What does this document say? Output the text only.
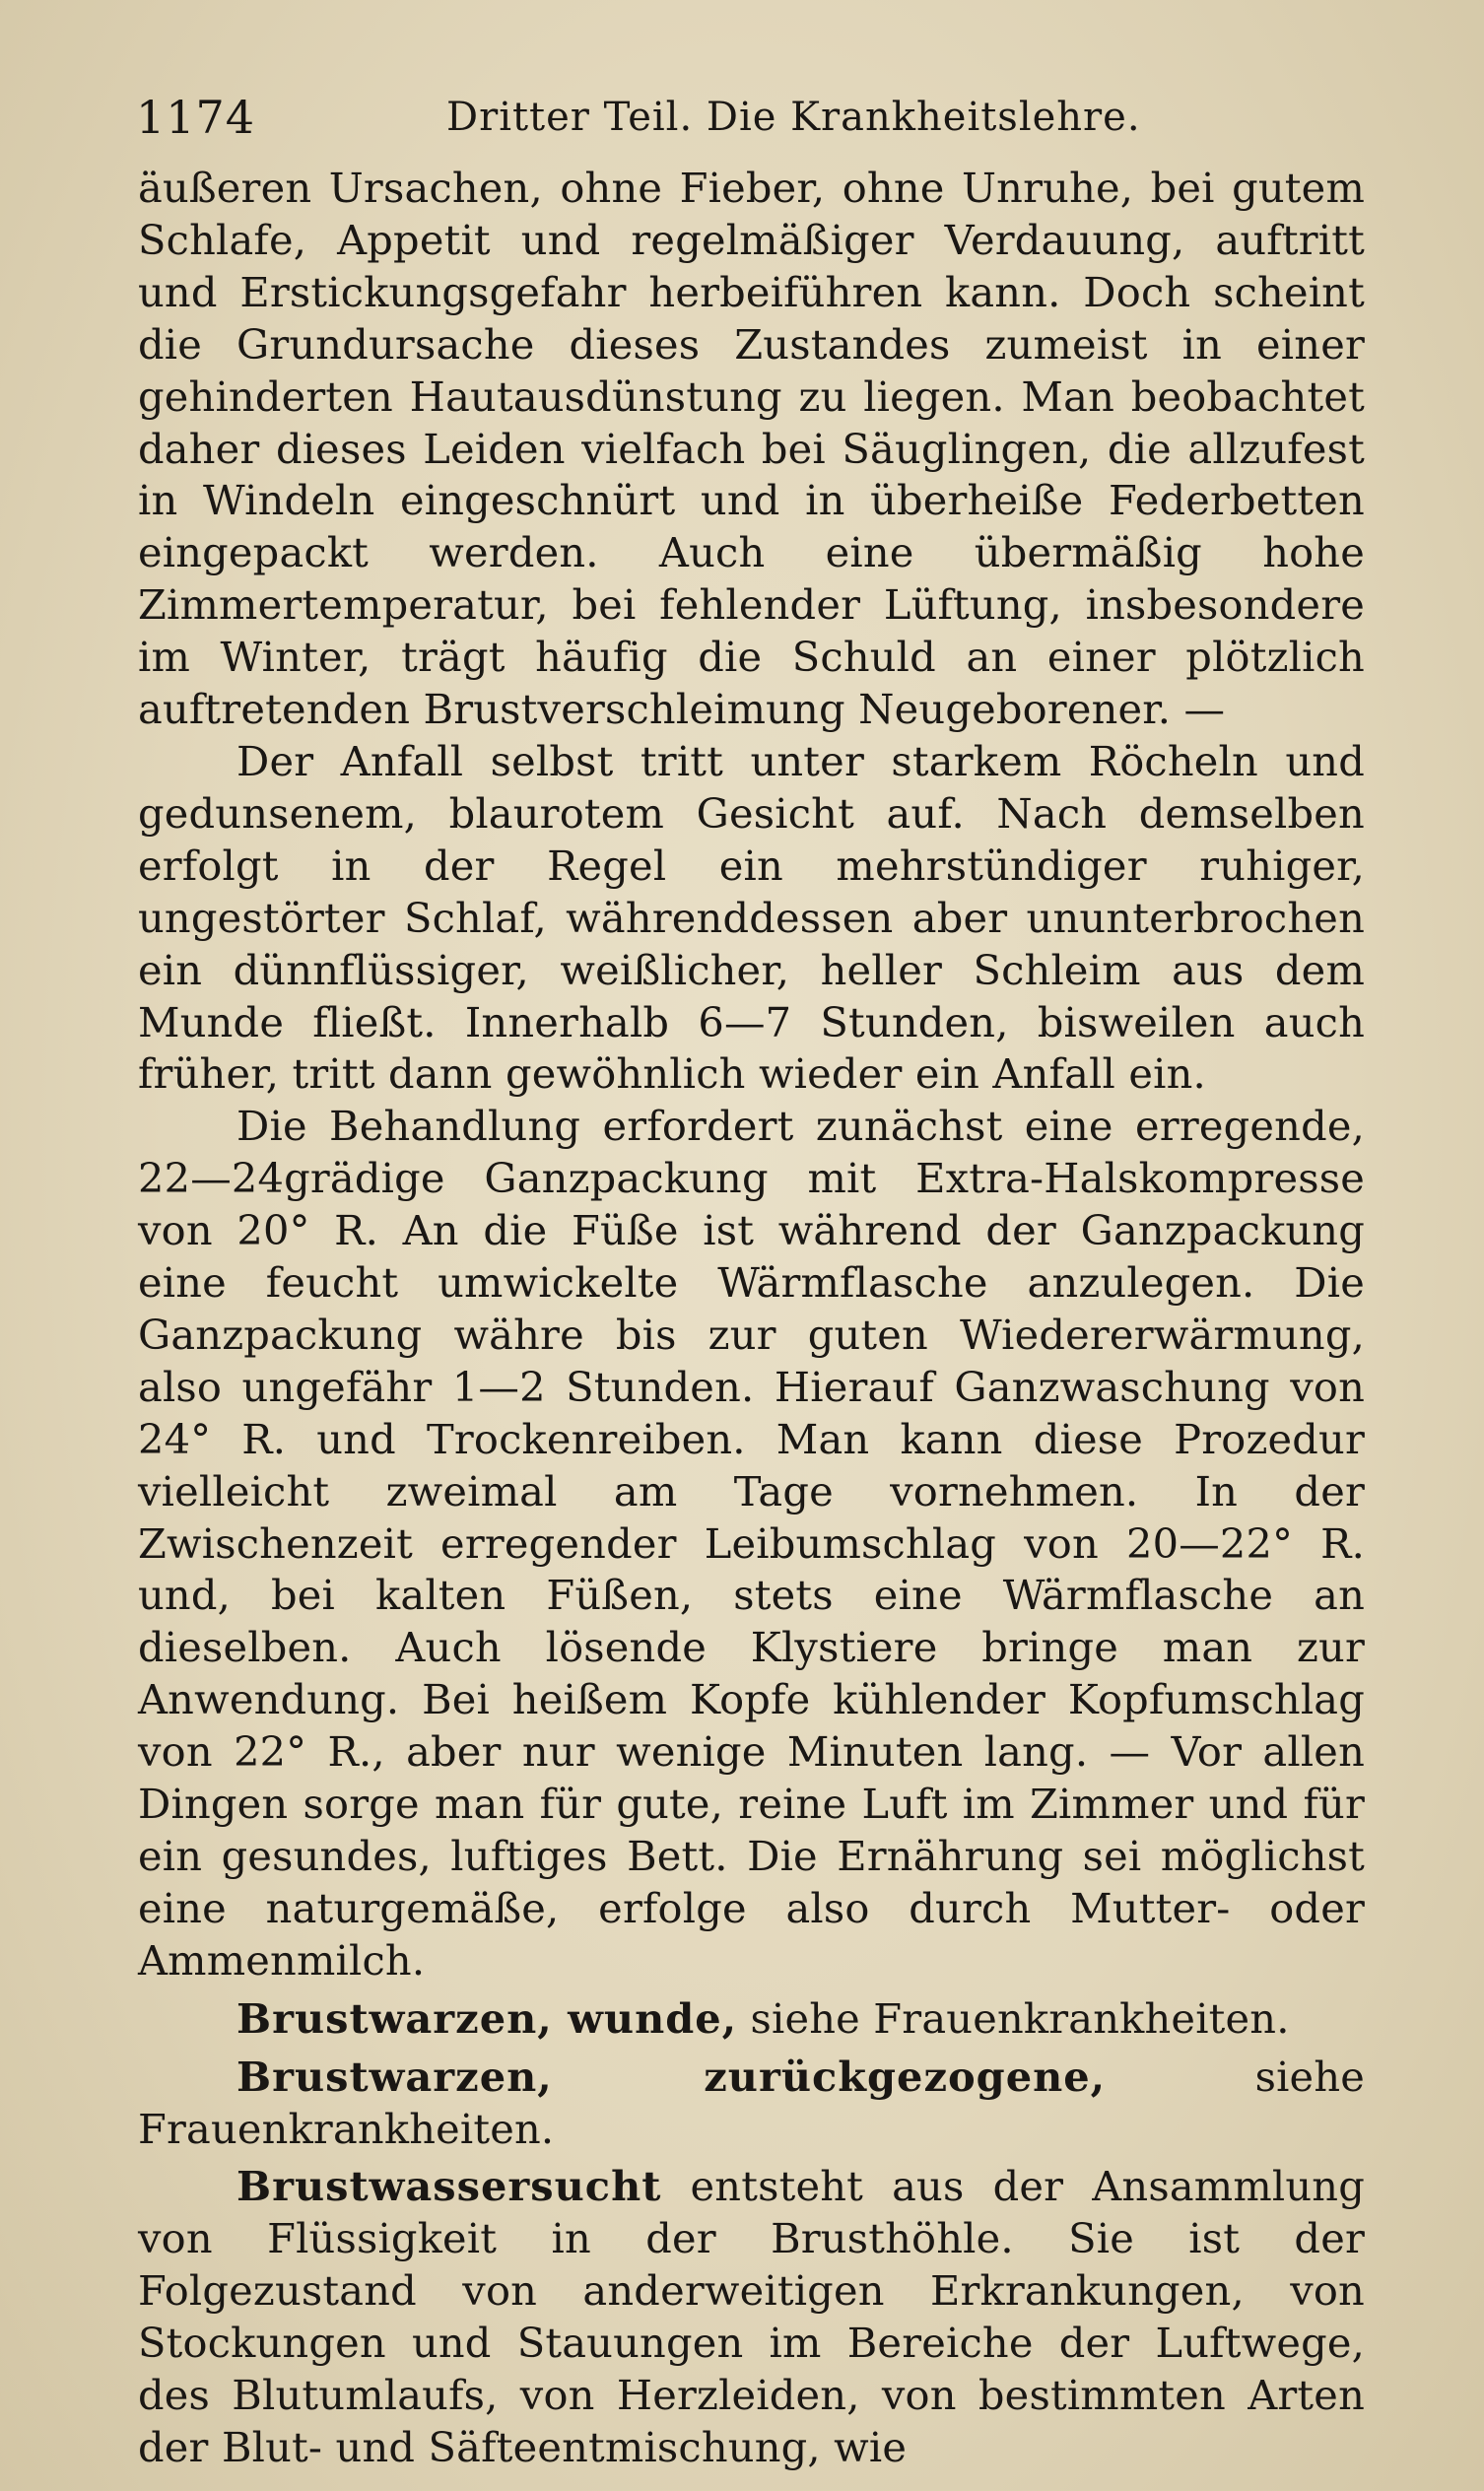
1174	Dritter Teil. Die Krankheitslehre.

äußeren Ursachen, ohne Fieber, ohne Unruhe, bei gutem Schlafe, Appetit und regelmäßiger Verdauung, auftritt und Erstickungsgefahr herbeiführen kann. Doch scheint die Grundursache dieses Zustandes zumeist in einer gehinderten Hautausdünstung zu liegen. Man beobachtet daher dieses Leiden vielfach bei Säuglingen, die allzufest in Windeln eingeschnürt und in überheiße Federbetten eingepackt werden. Auch eine übermäßig hohe Zimmertemperatur, bei fehlender Lüftung, insbesondere im Winter, trägt häufig die Schuld an einer plötzlich auftretenden Brustverschleimung Neugeborener. —

Der Anfall selbst tritt unter starkem Röcheln und gedunsenem, blaurotem Gesicht auf. Nach demselben erfolgt in der Regel ein mehrstündiger ruhiger, ungestörter Schlaf, währenddessen aber ununterbrochen ein dünnflüssiger, weißlicher, heller Schleim aus dem Munde fließt. Innerhalb 6—7 Stunden, bisweilen auch früher, tritt dann gewöhnlich wieder ein Anfall ein.

Die Behandlung erfordert zunächst eine erregende, 22—24grädige Ganzpackung mit Extra-Halskompresse von 20° R. An die Füße ist während der Ganzpackung eine feucht umwickelte Wärmflasche anzulegen. Die Ganzpackung währe bis zur guten Wiedererwärmung, also ungefähr 1—2 Stunden. Hierauf Ganzwaschung von 24° R. und Trockenreiben. Man kann diese Prozedur vielleicht zweimal am Tage vornehmen. In der Zwischenzeit erregender Leibumschlag von 20—22° R. und, bei kalten Füßen, stets eine Wärmflasche an dieselben. Auch lösende Klystiere bringe man zur Anwendung. Bei heißem Kopfe kühlender Kopfumschlag von 22° R., aber nur wenige Minuten lang. — Vor allen Dingen sorge man für gute, reine Luft im Zimmer und für ein gesundes, luftiges Bett. Die Ernährung sei möglichst eine naturgemäße, erfolge also durch Mutter- oder Ammenmilch.

Brustwarzen, wunde, siehe Frauenkrankheiten.

Brustwarzen, zurückgezogene, siehe Frauenkrankheiten.

Brustwassersucht entsteht aus der Ansammlung von Flüssigkeit in der Brusthöhle. Sie ist der Folgezustand von anderweitigen Erkrankungen, von Stockungen und Stauungen im Bereiche der Luftwege, des Blutumlaufs, von Herzleiden, von bestimmten Arten der Blut- und Säfteentmischung, wie
